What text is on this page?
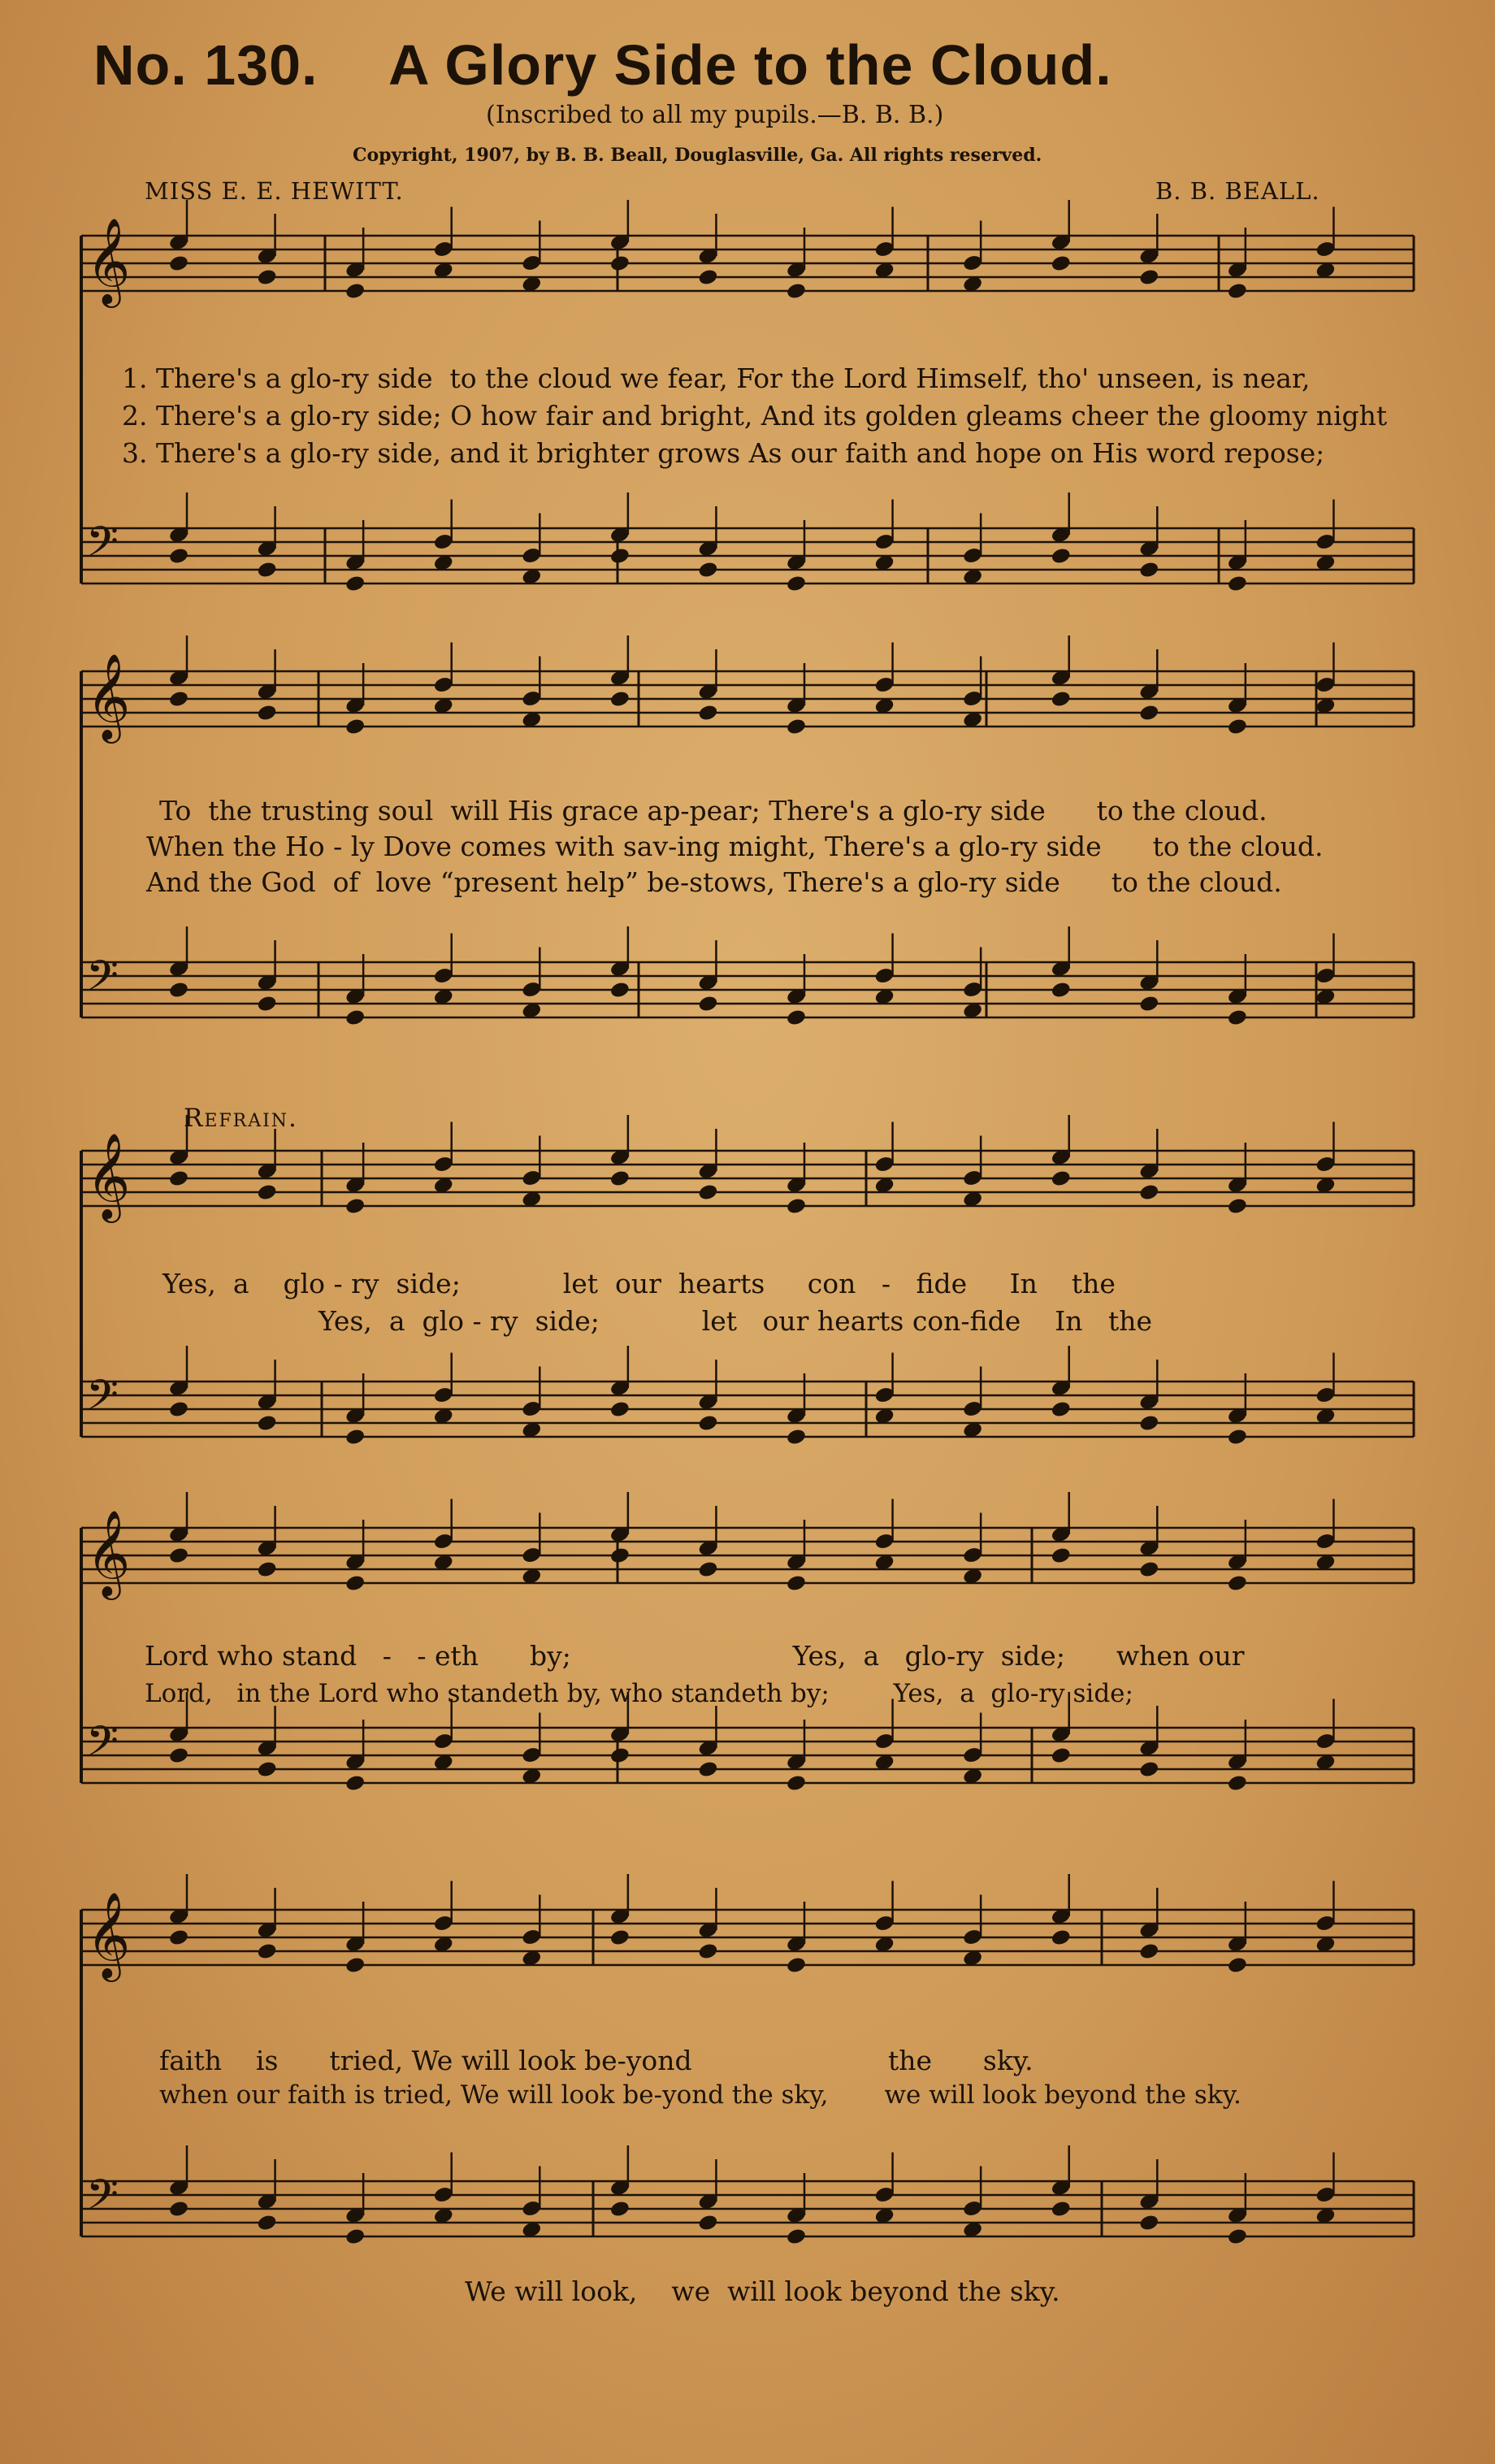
No. 130. A Glory Side to the Cloud.
(Inscribed to all my pupils.—B. B. B.)
Copyright, 1907, by B. B. Beall, Douglasville, Ga. All rights reserved.
MISS E. E. HEWITT.	B. B. BEALL.
𝄞
𝄢
𝄞
𝄢
𝄞
𝄢
𝄞
𝄢
𝄞
𝄢
1. There's a glo-ry side  to the cloud we fear, For the Lord Himself, tho' unseen, is near,
2. There's a glo-ry side; O how fair and bright, And its golden gleams cheer the gloomy night
3. There's a glo-ry side, and it brighter grows As our faith and hope on His word repose;
To  the trusting soul  will His grace ap-pear; There's a glo-ry side      to the cloud.
When the Ho - ly Dove comes with sav-ing might, There's a glo-ry side      to the cloud.
And the God  of  love “present help” be-stows, There's a glo-ry side      to the cloud.
Refrain.
Yes,  a    glo - ry  side;            let  our  hearts     con   -   fide     In    the
Yes,  a  glo - ry  side;            let   our hearts con-fide    In   the
Lord who stand   -   - eth      by;                          Yes,  a   glo-ry  side;      when our
Lord,   in the Lord who standeth by, who standeth by;        Yes,  a  glo-ry side;
faith    is      tried, We will look be-yond                       the      sky.
when our faith is tried, We will look be-yond the sky,       we will look beyond the sky.
We will look,    we  will look beyond the sky.
